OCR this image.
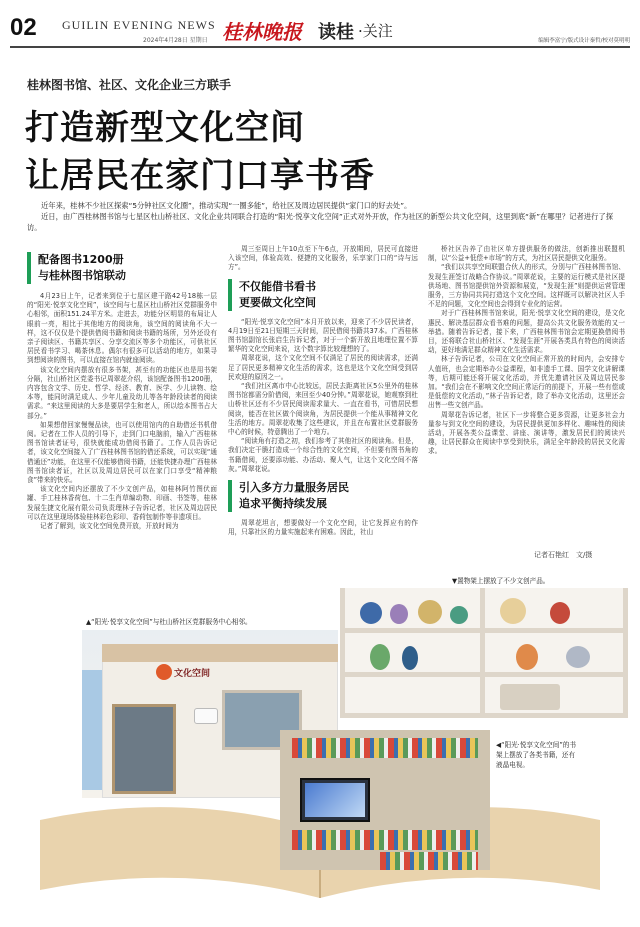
02 GUILIN EVENING NEWS
2024年4月28日 星期日 桂林晚报 读桂 ·关注
编辑李富宁/版式设计秦哲/校对莫明明
桂林图书馆、社区、文化企业三方联手
打造新型文化空间
让居民在家门口享书香

近年来，桂林不少社区探索“5分钟社区文化圈”，推动实现“一圈多能”，给社区及周边居民提供“家门口的好去处”。

近日，由广西桂林图书馆与七星区杜山桥社区、文化企业共同联合打造的“阳光·悦享文化空间”正式对外开放，作为社区的新型公共文化空间，这里到底“新”在哪里？记者进行了探访。

配备图书1200册
与桂林图书馆联动

4月23日上午，记者来到位于七星区建干路42号18栋一层的“阳光·悦享文化空间”，该空间与七星区杜山桥社区党群服务中心相邻，面积151.24平方米。走进去，功能分区明显的布局让人眼前一亮，相比于其他地方的阅读角，该空间的阅读角不大一样，这不仅仅是个提供借阅书籍和阅读书籍的场所，另外还设有亲子阅读区、书籍共享区、分享交流区等多个功能区，可供社区居民看书学习、喝茶休息。偶尔有很多可以活动的地方，如果寻到想阅读的图书，可以直接在馆内就座阅读。

该文化空间内摆放有很多书架，甚至有的功能区也是用书架分隔，社山桥社区党委书记周翠花介绍，该馆配备图书1200册，内容包含文学、历史、哲学、经济、教育、医学、少儿读物、绘本等，能同时满足成人、少年儿童及幼儿等各年龄段读者的阅读需求。“来这里阅读的大多是要居学生和老人，所以绘本图书占大部分。”

如果想借回家慢慢品读，也可以使用馆内的自助借还书机借阅。记者在工作人员的引导下，走到门口电脑前，输入广西桂林图书馆读者证号，很快就能成功借阅书籍了。工作人员告诉记者，该文化空间接入了广西桂林图书馆的借还系统，可以实现“通借通还”功能，在这里不仅能够借阅书籍，还能快捷办理广西桂林图书馆读者证，社区以及周边居民可以在家门口享受“精神粮食”带来的快乐。

该文化空间内还摆放了不少文创产品，如桂林阿竹图伏面罐、手工桂林香荷包、十二生肖草编动物、印画、书签等，桂林发展生捷文化展有限公司负责理林子告诉记者，社区及周边居民可以在这里现场体验桂林彩色彩印、香荷包制作等非遗项目。

记者了解到，该文化空间免费开放，开放时间为

周三至周日上午10点至下午6点，开放期间，居民可直接进入该空间，体验高效、便捷的文化服务，乐享家门口的“诗与远方”。

不仅能借书看书
更要做文化空间

“阳光·悦享文化空间”本月开放以来，迎来了不少居民读者，4月19日至21日短期三天时间，居民借阅书籍共37本。广西桂林图书馆副馆长张启生告诉记者，对于一个新开放且地理位置不算繁华的文化空间来说，这个数字算比较理想的了。

周翠花说，这个文化空间不仅满足了居民的阅读需求，还满足了居民更多精神文化生活的需求，这也是这个文化空间受到居民欢迎的原因之一。

“我们社区离市中心比较远，居民去距离社区5公里外的桂林图书馆都需分阶借阅，来回至少40分钟。”周翠花说，她观察到杜山桥社区还有不少居民阅读需求量大、一直在看书，可惜居民想阅读，能否在社区做个阅读角，为居民提供一个能从事精神文化生活的地方。周翠花收集了这些建议，并且在布置社区党群服务中心的时候，特意腾出了一个地方。

“阅读角有打造之初，我们参考了其他社区的阅读角。但是，我们决定干脆打造成一个综合性的文化空间，不但要有图书角的书籍借阅，还要添功能、办活动、聚人气，让这个文化空间不落灰。”周翠花说。

引入多方力量服务居民
追求平衡持续发展

周翠花坦言，想要做好一个文化空间，让它发挥应有的作用，只靠社区的力量实施起来有困难。因此，社山

桥社区告养了由社区单方提供服务的做法，创新推出联盟机制，以“公益+低偿+市场”的方式，为社区居民提供文化服务。

“我们以共享空间联盟合伙人的形式，分别与广西桂林图书馆、发现生涯签订战略合作协议。”周翠花说，主要的运行模式是社区提供场地、图书馆提供馆外资源和展览，“发现生涯”则提供运营管理服务，三方协同共同打造这个文化空间。这样既可以解决社区人手不足的问题，文化空间也会得到专业化的运营。

对于广西桂林图书馆来说，阳光·悦享文化空间的建设，是文化惠民、解决基层群众看书难的问题，提高公共文化服务效能的又一举措。随着告诉记者，接下来，广西桂林图书馆会定期更换借阅书目，还将联合社山桥社区、“发现生涯”开展各类具有特色的阅读活动，更好地满足群众精神文化生活需求。

林子告诉记者，公司在文化空间正常开放的时间内，会安排专人值班，也会定期举办公益课程，如非遗手工课、国学文化讲解课等，后期可能还将开展文化活动，并优先邀请社区及周边居民参加。“我们会在不影响文化空间正常运行的前提下，开展一些有偿或是低偿的文化活动，”林子告诉记者，除了举办文化活动，这里还会出售一些文创产品。

周翠花告诉记者，社区下一步将整合更多资源，让更多社会力量参与到文化空间的建设，为居民提供更加多样化、趣味性的阅读活动，开展各类公益课堂、讲座、演讲等，激发居民们的阅读兴趣，让居民群众在阅读中享受到快乐，满足全年龄段的居民文化需求。

记者石艳红　文/摄
▼置物架上摆放了不少文创产品。
▲“阳光·悦享文化空间”与杜山桥社区党群服务中心相邻。
文化空间
◀“阳光·悦享文化空间”的书架上摆放了各类书籍，还有液晶电视。
